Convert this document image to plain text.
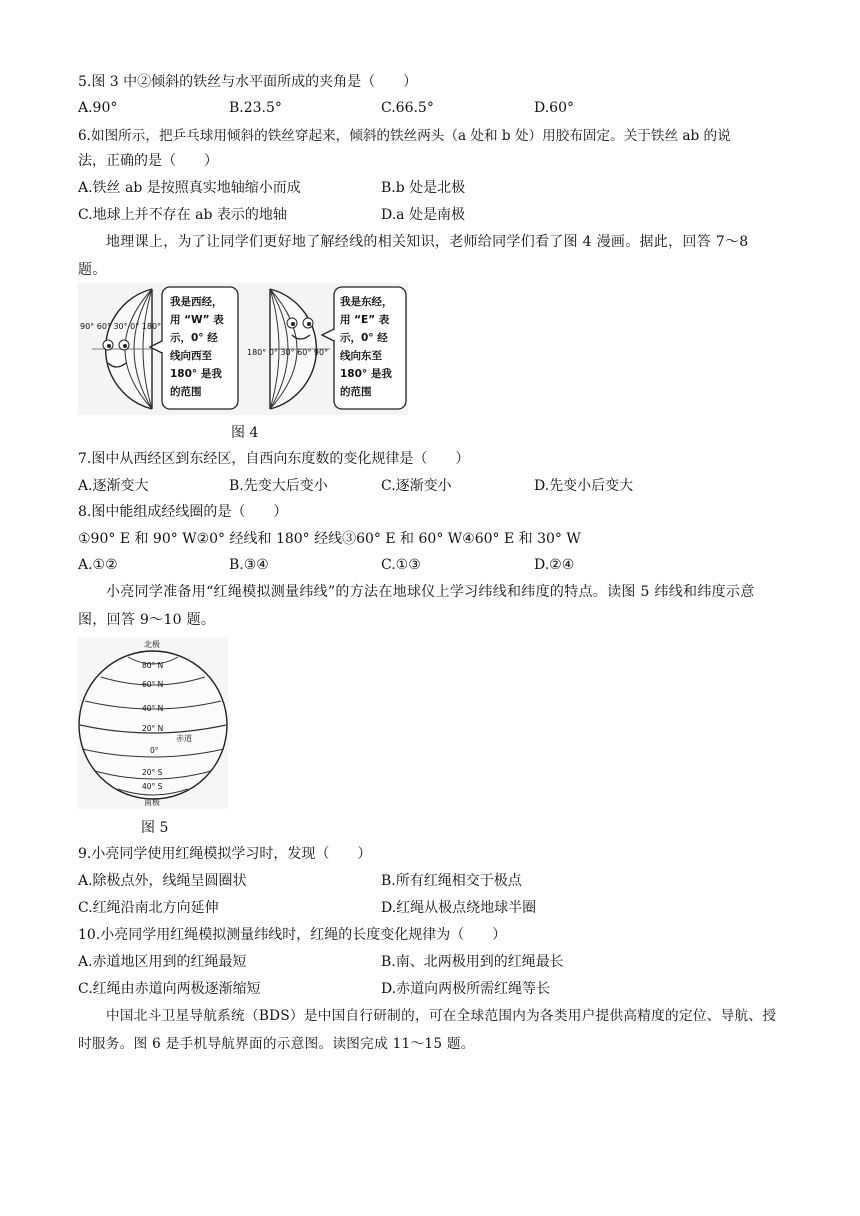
5.图 3 中②倾斜的铁丝与水平面所成的夹角是（　　）
A.90°	B.23.5°	C.66.5°	D.60°
6.如图所示，把乒乓球用倾斜的铁丝穿起来，倾斜的铁丝两头（a 处和 b 处）用胶布固定。关于铁丝 ab 的说
法，正确的是（　　）
A.铁丝 ab 是按照真实地轴缩小而成	B.b 处是北极
C.地球上并不存在 ab 表示的地轴	D.a 处是南极
地理课上，为了让同学们更好地了解经线的相关知识，老师给同学们看了图 4 漫画。据此，回答 7～8 题。
90° 60° 30° 0° 180°
我是西经，
用 “W” 表
示，0° 经
线向西至
180° 是我
的范围
180° 0° 30° 60° 90°
我是东经，
用 “E” 表
示，0° 经
线向东至
180° 是我
的范围
图 4
7.图中从西经区到东经区，自西向东度数的变化规律是（　　）
A.逐渐变大	B.先变大后变小	C.逐渐变小	D.先变小后变大
8.图中能组成经线圈的是（　　）
①90° E 和 90° W②0° 经线和 180° 经线③60° E 和 60° W④60° E 和 30° W
A.①②	B.③④	C.①③	D.②④
小亮同学准备用“红绳模拟测量纬线”的方法在地球仪上学习纬线和纬度的特点。读图 5 纬线和纬度示意图，回答 9～10 题。
北极
80° N
60° N
40° N
20° N
赤道
0°
20° S
40° S
南极
图 5
9.小亮同学使用红绳模拟学习时，发现（　　）
A.除极点外，线绳呈圆圈状	B.所有红绳相交于极点
C.红绳沿南北方向延伸	D.红绳从极点绕地球半圈
10.小亮同学用红绳模拟测量纬线时，红绳的长度变化规律为（　　）
A.赤道地区用到的红绳最短	B.南、北两极用到的红绳最长
C.红绳由赤道向两极逐渐缩短	D.赤道向两极所需红绳等长
中国北斗卫星导航系统（BDS）是中国自行研制的，可在全球范围内为各类用户提供高精度的定位、导航、授时服务。图 6 是手机导航界面的示意图。读图完成 11～15 题。
